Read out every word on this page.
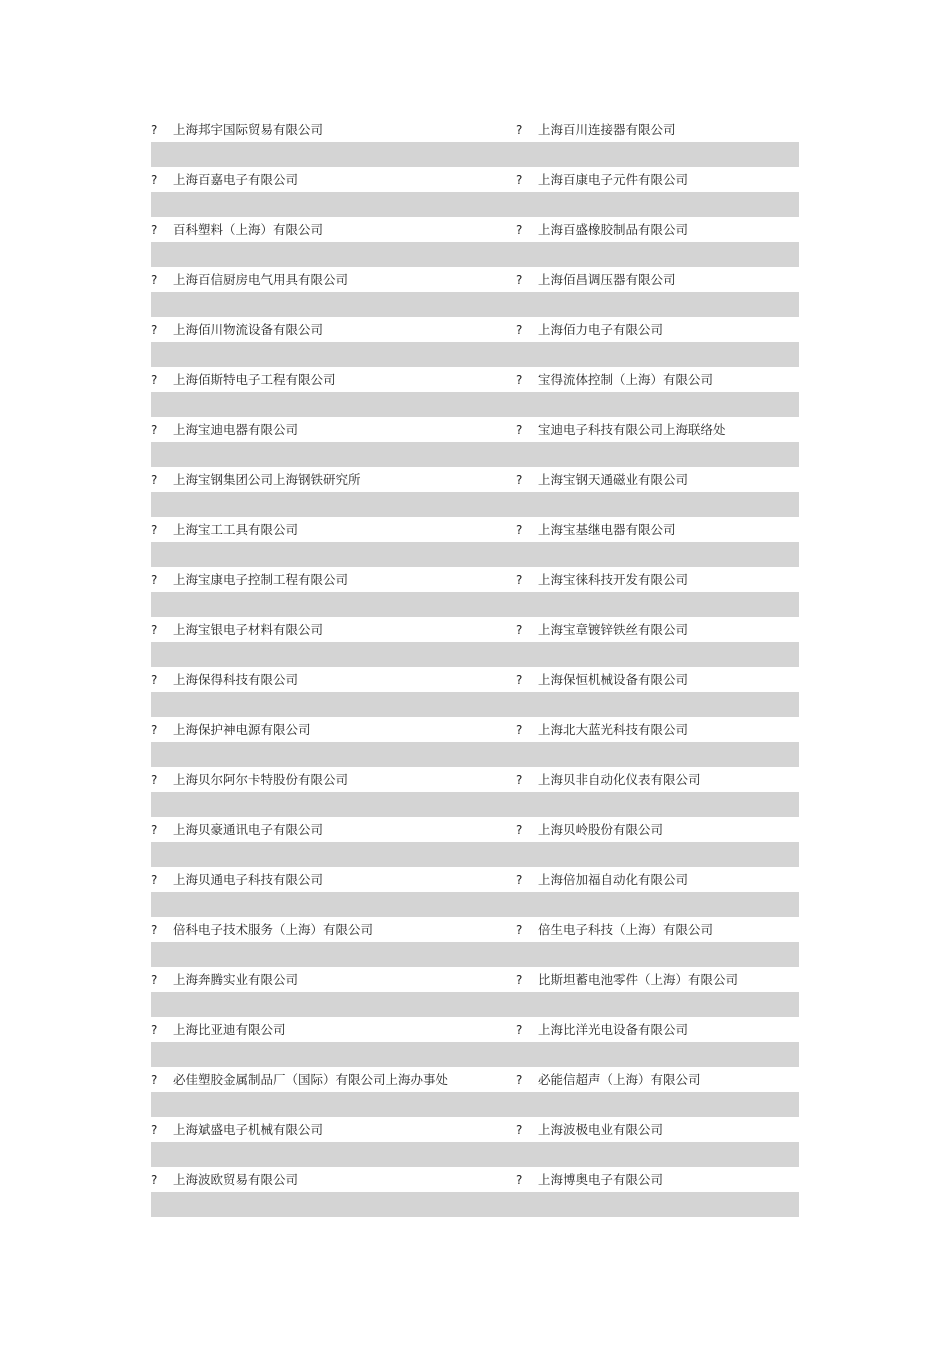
? 上海邦宇国际贸易有限公司	? 上海百川连接器有限公司
? 上海百嘉电子有限公司	? 上海百康电子元件有限公司
? 百科塑料（上海）有限公司	? 上海百盛橡胶制品有限公司
? 上海百信厨房电气用具有限公司	? 上海佰昌调压器有限公司
? 上海佰川物流设备有限公司	? 上海佰力电子有限公司
? 上海佰斯特电子工程有限公司	? 宝得流体控制（上海）有限公司
? 上海宝迪电器有限公司	? 宝迪电子科技有限公司上海联络处
? 上海宝钢集团公司上海钢铁研究所	? 上海宝钢天通磁业有限公司
? 上海宝工工具有限公司	? 上海宝基继电器有限公司
? 上海宝康电子控制工程有限公司	? 上海宝徕科技开发有限公司
? 上海宝银电子材料有限公司	? 上海宝章镀锌铁丝有限公司
? 上海保得科技有限公司	? 上海保恒机械设备有限公司
? 上海保护神电源有限公司	? 上海北大蓝光科技有限公司
? 上海贝尔阿尔卡特股份有限公司	? 上海贝非自动化仪表有限公司
? 上海贝豪通讯电子有限公司	? 上海贝岭股份有限公司
? 上海贝通电子科技有限公司	? 上海倍加福自动化有限公司
? 倍科电子技术服务（上海）有限公司	? 倍生电子科技（上海）有限公司
? 上海奔腾实业有限公司	? 比斯坦蓄电池零件（上海）有限公司
? 上海比亚迪有限公司	? 上海比洋光电设备有限公司
? 必佳塑胶金属制品厂（国际）有限公司上海办事处	? 必能信超声（上海）有限公司
? 上海斌盛电子机械有限公司	? 上海波极电业有限公司
? 上海波欧贸易有限公司	? 上海博奥电子有限公司
